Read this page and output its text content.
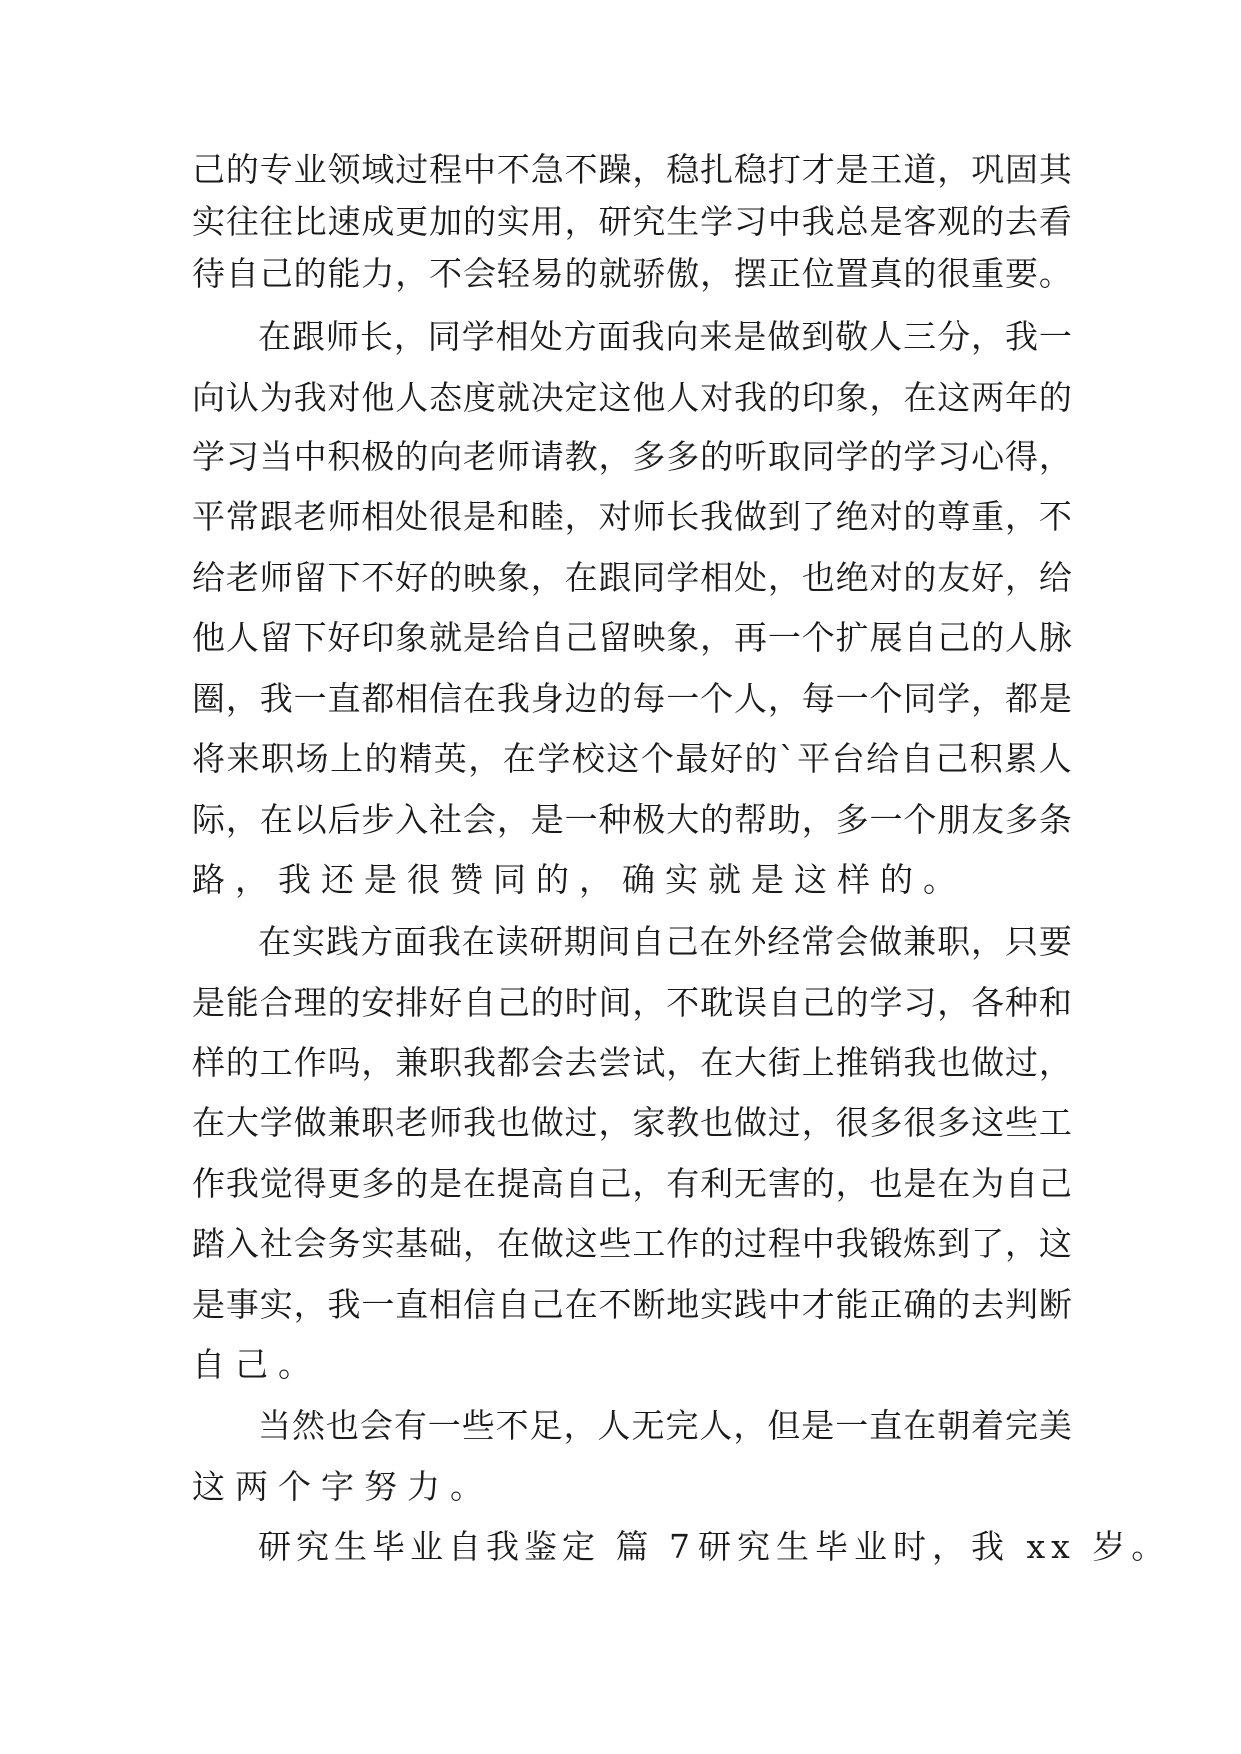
己 的 专 业 领 域 过 程 中 不 急 不 躁 ， 稳 扎 稳 打 才 是 王 道 ， 巩 固 其
实 往 往 比 速 成 更 加 的 实 用 ， 研 究 生 学 习 中 我 总 是 客 观 的 去 看
待 自 己 的 能 力 ， 不 会 轻 易 的 就 骄 傲 ， 摆 正 位 置 真 的 很 重 要 。
在 跟 师 长 ， 同 学 相 处 方 面 我 向 来 是 做 到 敬 人 三 分 ， 我 一
向 认 为 我 对 他 人 态 度 就 决 定 这 他 人 对 我 的 印 象 ， 在 这 两 年 的
学 习 当 中 积 极 的 向 老 师 请 教 ， 多 多 的 听 取 同 学 的 学 习 心 得 ，
平 常 跟 老 师 相 处 很 是 和 睦 ， 对 师 长 我 做 到 了 绝 对 的 尊 重 ， 不
给 老 师 留 下 不 好 的 映 象 ， 在 跟 同 学 相 处 ， 也 绝 对 的 友 好 ， 给
他 人 留 下 好 印 象 就 是 给 自 己 留 映 象 ， 再 一 个 扩 展 自 己 的 人 脉
圈 ， 我 一 直 都 相 信 在 我 身 边 的 每 一 个 人 ， 每 一 个 同 学 ， 都 是
将 来 职 场 上 的 精 英 ， 在 学 校 这 个 最 好 的 ` 平 台 给 自 己 积 累 人
际 ， 在 以 后 步 入 社 会 ， 是 一 种 极 大 的 帮 助 ， 多 一 个 朋 友 多 条
路，我还是很赞同的，确实就是这样的。
在 实 践 方 面 我 在 读 研 期 间 自 己 在 外 经 常 会 做 兼 职 ， 只 要
是 能 合 理 的 安 排 好 自 己 的 时 间 ， 不 耽 误 自 己 的 学 习 ， 各 种 和
样 的 工 作 吗 ， 兼 职 我 都 会 去 尝 试 ， 在 大 街 上 推 销 我 也 做 过 ，
在 大 学 做 兼 职 老 师 我 也 做 过 ， 家 教 也 做 过 ， 很 多 很 多 这 些 工
作 我 觉 得 更 多 的 是 在 提 高 自 己 ， 有 利 无 害 的 ， 也 是 在 为 自 己
踏 入 社 会 务 实 基 础 ， 在 做 这 些 工 作 的 过 程 中 我 锻 炼 到 了 ， 这
是 事 实 ， 我 一 直 相 信 自 己 在 不 断 地 实 践 中 才 能 正 确 的 去 判 断
自己。
当 然 也 会 有 一 些 不 足 ， 人 无 完 人 ， 但 是 一 直 在 朝 着 完 美
这两个字努力。
研究生毕业自我鉴定 篇 7 研究生毕业时，我 xx 岁。
